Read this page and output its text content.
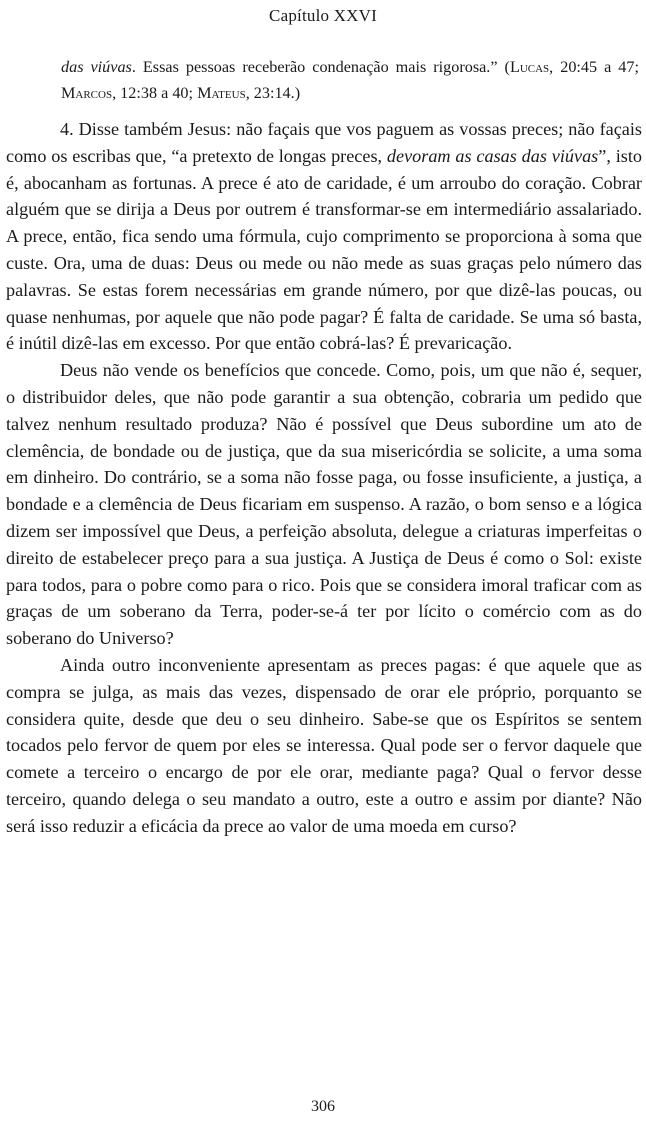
Capítulo XXVI

das viúvas. Essas pessoas receberão condenação mais rigorosa.” (Lucas, 20:45 a 47; Marcos, 12:38 a 40; Mateus, 23:14.)

4. Disse também Jesus: não façais que vos paguem as vossas preces; não façais como os escribas que, “a pretexto de longas preces, devoram as casas das viúvas”, isto é, abocanham as fortunas. A prece é ato de caridade, é um arroubo do coração. Cobrar alguém que se dirija a Deus por outrem é transformar-se em intermediário assalariado. A prece, então, fica sendo uma fórmula, cujo comprimento se proporciona à soma que custe. Ora, uma de duas: Deus ou mede ou não mede as suas graças pelo número das palavras. Se estas forem necessárias em grande número, por que dizê-las poucas, ou quase nenhumas, por aquele que não pode pagar? É falta de caridade. Se uma só basta, é inútil dizê-las em excesso. Por que então cobrá-las? É prevaricação.

Deus não vende os benefícios que concede. Como, pois, um que não é, sequer, o distribuidor deles, que não pode garantir a sua obtenção, cobraria um pedido que talvez nenhum resultado produza? Não é possível que Deus subordine um ato de clemência, de bondade ou de justiça, que da sua misericórdia se solicite, a uma soma em dinheiro. Do contrário, se a soma não fosse paga, ou fosse insuficiente, a justiça, a bondade e a clemência de Deus ficariam em suspenso. A razão, o bom senso e a lógica dizem ser impossível que Deus, a perfeição absoluta, delegue a criaturas imperfeitas o direito de estabelecer preço para a sua justiça. A Justiça de Deus é como o Sol: existe para todos, para o pobre como para o rico. Pois que se considera imoral traficar com as graças de um soberano da Terra, poder-se-á ter por lícito o comércio com as do soberano do Universo?

Ainda outro inconveniente apresentam as preces pagas: é que aquele que as compra se julga, as mais das vezes, dispensado de orar ele próprio, porquanto se considera quite, desde que deu o seu dinheiro. Sabe-se que os Espíritos se sentem tocados pelo fervor de quem por eles se interessa. Qual pode ser o fervor daquele que comete a terceiro o encargo de por ele orar, mediante paga? Qual o fervor desse terceiro, quando delega o seu mandato a outro, este a outro e assim por diante? Não será isso reduzir a eficácia da prece ao valor de uma moeda em curso?

306
